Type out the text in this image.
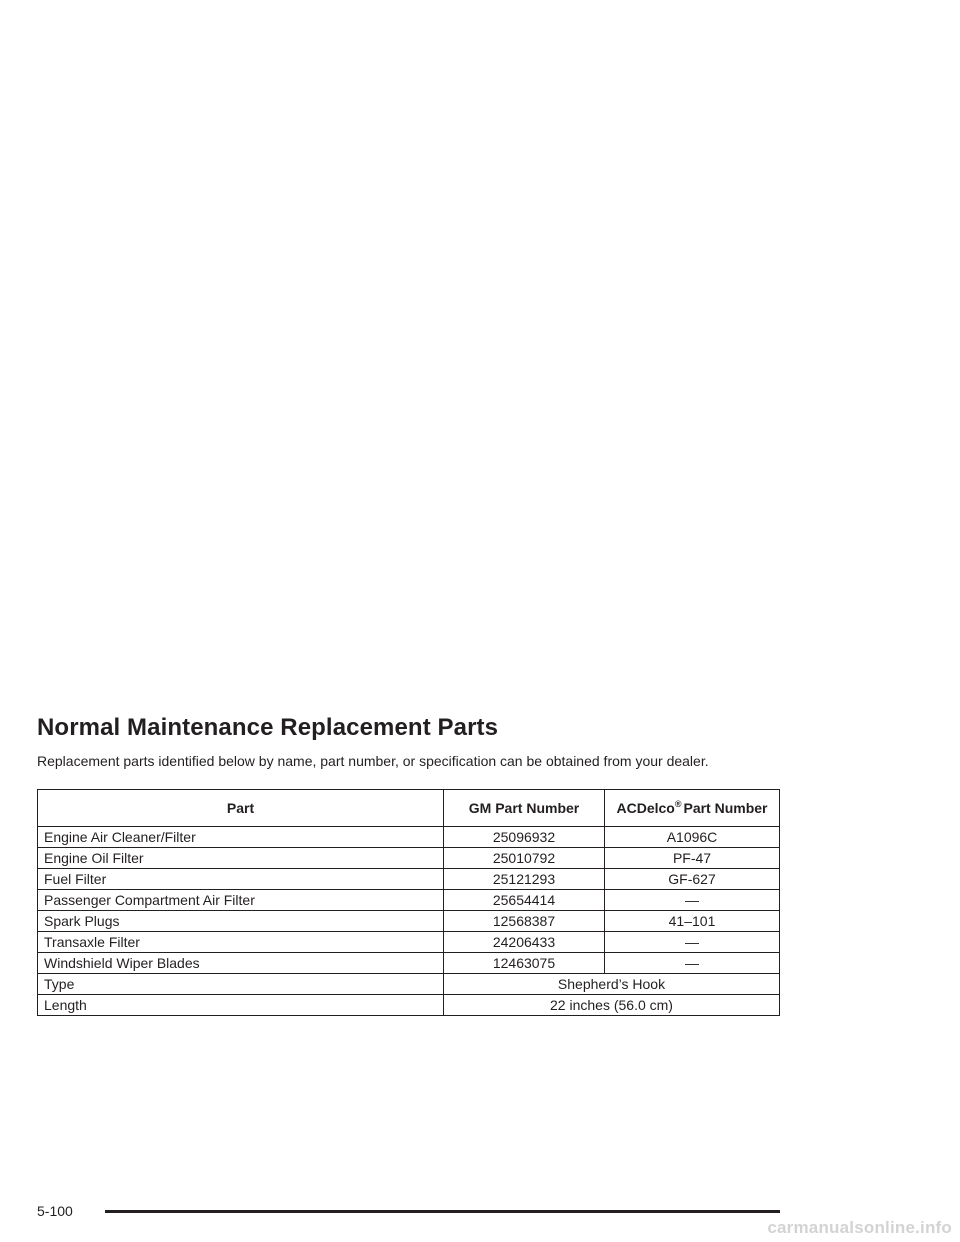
Normal Maintenance Replacement Parts

Replacement parts identified below by name, part number, or specification can be obtained from your dealer.

Part	GM Part Number	ACDelco® Part Number
Engine Air Cleaner/Filter	25096932	A1096C
Engine Oil Filter	25010792	PF-47
Fuel Filter	25121293	GF-627
Passenger Compartment Air Filter	25654414	—
Spark Plugs	12568387	41–101
Transaxle Filter	24206433	—
Windshield Wiper Blades	12463075	—
Type	Shepherd’s Hook	
Length	22 inches (56.0 cm)	
5-100
carmanualsonline.info
